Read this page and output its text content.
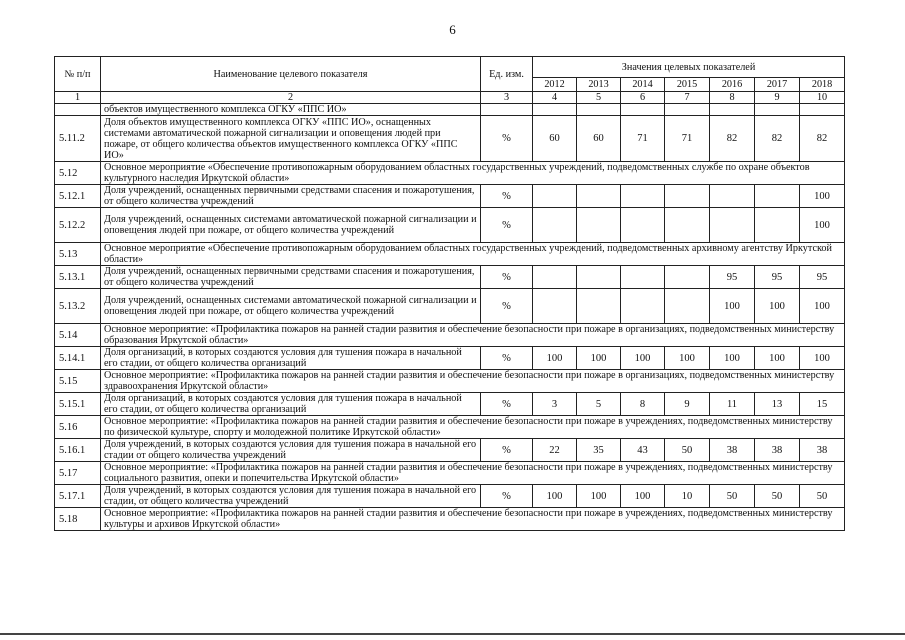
6
№ п/п	Наименование целевого показателя	Ед. изм.	Значения целевых показателей						
			2012	2013	2014	2015	2016	2017	2018
1	2	3	4	5	6	7	8	9	10
	объектов имущественного комплекса ОГКУ «ППС ИО»								
5.11.2	Доля объектов имущественного комплекса ОГКУ «ППС ИО», оснащенных системами автоматической пожарной сигнализации и оповещения людей при пожаре, от общего количества объектов имущественного комплекса ОГКУ «ППС ИО»	%	60	60	71	71	82	82	82
5.12	Основное мероприятие «Обеспечение противопожарным оборудованием областных государственных учреждений, подведомственных службе по охране объектов культурного наследия Иркутской области»								
5.12.1	Доля учреждений, оснащенных первичными средствами спасения и пожаротушения, от общего количества учреждений	%							100
5.12.2	Доля учреждений, оснащенных системами автоматической пожарной сигнализации и оповещения людей при пожаре, от общего количества учреждений	%							100
5.13	Основное мероприятие «Обеспечение противопожарным оборудованием областных государственных учреждений, подведомственных архивному агентству Иркутской области»								
5.13.1	Доля учреждений, оснащенных первичными средствами спасения и пожаротушения, от общего количества учреждений	%					95	95	95
5.13.2	Доля учреждений, оснащенных системами автоматической пожарной сигнализации и оповещения людей при пожаре, от общего количества учреждений	%					100	100	100
5.14	Основное мероприятие: «Профилактика пожаров на ранней стадии развития и обеспечение безопасности при пожаре в организациях, подведомственных министерству образования Иркутской области»								
5.14.1	Доля организаций, в которых создаются условия для тушения пожара в начальной его стадии, от общего количества организаций	%	100	100	100	100	100	100	100
5.15	Основное мероприятие: «Профилактика пожаров на ранней стадии развития и обеспечение безопасности при пожаре в организациях, подведомственных министерству здравоохранения Иркутской области»								
5.15.1	Доля организаций, в которых создаются условия для тушения пожара в начальной его стадии, от общего количества организаций	%	3	5	8	9	11	13	15
5.16	Основное мероприятие: «Профилактика пожаров на ранней стадии развития и обеспечение безопасности при пожаре в учреждениях, подведомственных министерству по физической культуре, спорту и молодежной политике Иркутской области»								
5.16.1	Доля учреждений, в которых создаются условия для тушения пожара в начальной его стадии от общего количества учреждений	%	22	35	43	50	38	38	38
5.17	Основное мероприятие: «Профилактика пожаров на ранней стадии развития и обеспечение безопасности при пожаре в учреждениях, подведомственных министерству социального развития, опеки и попечительства Иркутской области»								
5.17.1	Доля учреждений, в которых создаются условия для тушения пожара в начальной его стадии, от общего количества учреждений	%	100	100	100	10	50	50	50
5.18	Основное мероприятие: «Профилактика пожаров на ранней стадии развития и обеспечение безопасности при пожаре в учреждениях, подведомственных министерству культуры и архивов Иркутской области»								
